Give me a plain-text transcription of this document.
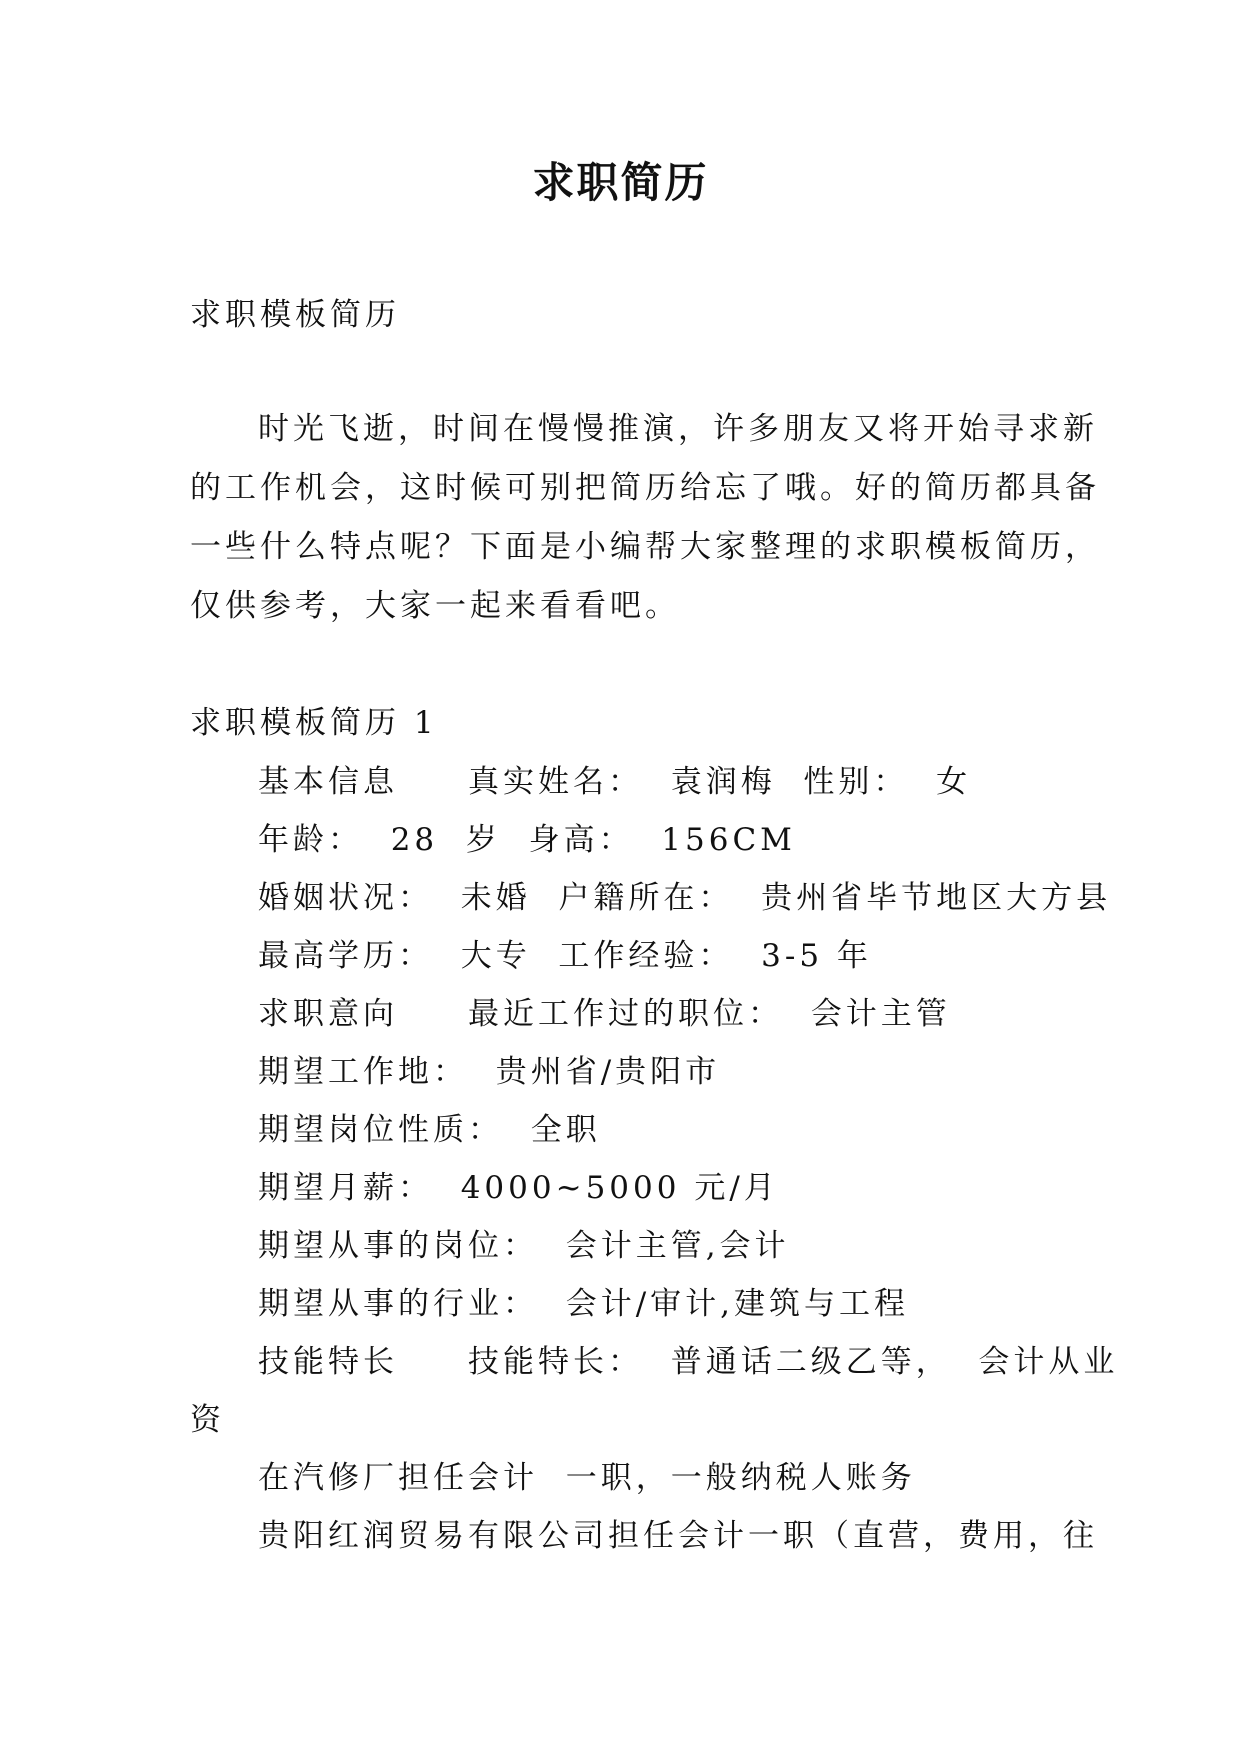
求职简历
求职模板简历
时光飞逝，时间在慢慢推演，许多朋友又将开始寻求新
的工作机会，这时候可别把简历给忘了哦。好的简历都具备
一些什么特点呢？下面是小编帮大家整理的求职模板简历，
仅供参考，大家一起来看看吧。
求职模板简历 1
基本信息　　真实姓名：  袁润梅  性别：  女
年龄：  28  岁  身高：  156CM
婚姻状况：  未婚  户籍所在：  贵州省毕节地区大方县
最高学历：  大专  工作经验：  3-5 年
求职意向　　最近工作过的职位：  会计主管
期望工作地：  贵州省/贵阳市
期望岗位性质：  全职
期望月薪：  4000~5000 元/月
期望从事的岗位：  会计主管,会计
期望从事的行业：  会计/审计,建筑与工程
技能特长　　技能特长：  普通话二级乙等，  会计从业
资
在汽修厂担任会计  一职，一般纳税人账务
贵阳红润贸易有限公司担任会计一职（直营，费用，往
